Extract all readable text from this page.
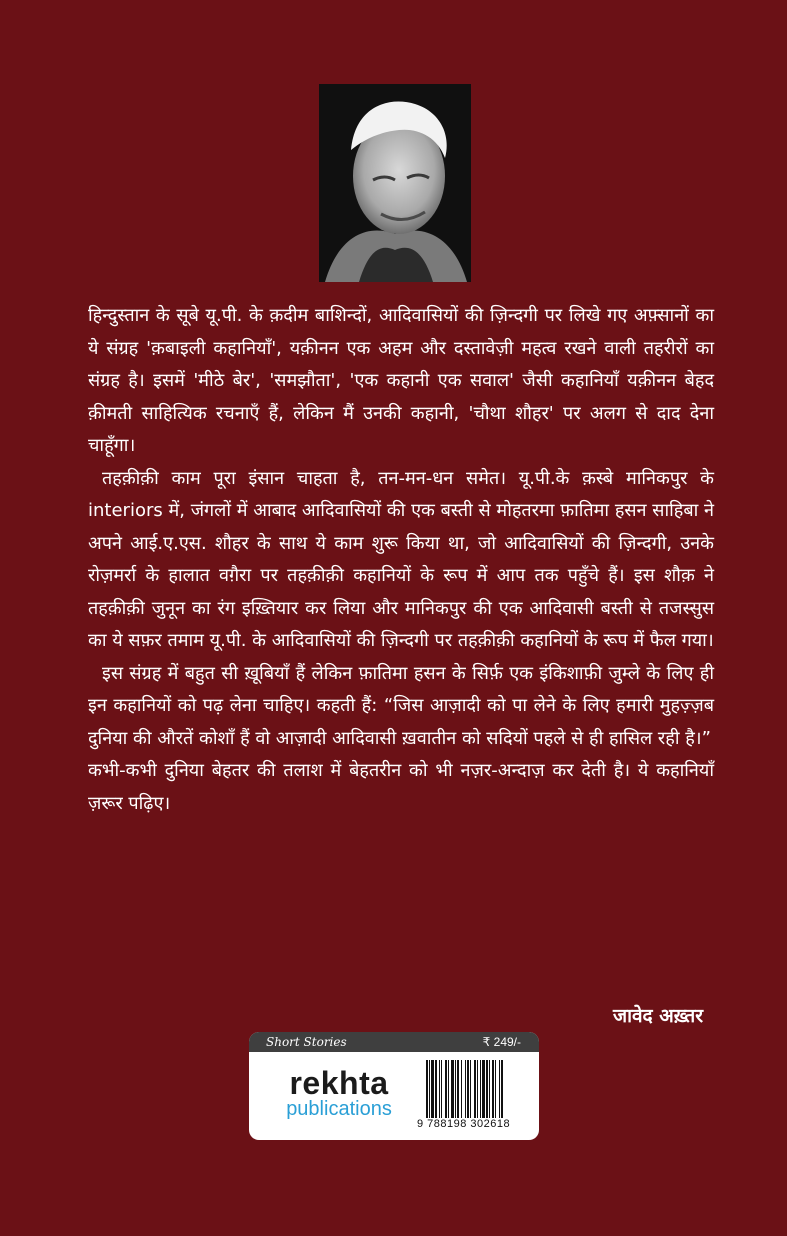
हिन्दुस्तान के सूबे यू.पी. के क़दीम बाशिन्दों, आदिवासियों की ज़िन्दगी पर लिखे गए अफ़्सानों का ये संग्रह 'क़बाइली कहानियाँ', यक़ीनन एक अहम और दस्तावेज़ी महत्व रखने वाली तहरीरों का संग्रह है। इसमें 'मीठे बेर', 'समझौता', 'एक कहानी एक सवाल' जैसी कहानियाँ यक़ीनन बेहद क़ीमती साहित्यिक रचनाएँ हैं, लेकिन मैं उनकी कहानी, 'चौथा शौहर' पर अलग से दाद देना चाहूँगा।

तहक़ीक़ी काम पूरा इंसान चाहता है, तन-मन-धन समेत। यू.पी.के क़स्बे मानिकपुर के interiors में, जंगलों में आबाद आदिवासियों की एक बस्ती से मोहतरमा फ़ातिमा हसन साहिबा ने अपने आई.ए.एस. शौहर के साथ ये काम शुरू किया था, जो आदिवासियों की ज़िन्दगी, उनके रोज़मर्रा के हालात वग़ैरा पर तहक़ीक़ी कहानियों के रूप में आप तक पहुँचे हैं। इस शौक़ ने तहक़ीक़ी जुनून का रंग इख़्तियार कर लिया और मानिकपुर की एक आदिवासी बस्ती से तजस्सुस का ये सफ़र तमाम यू.पी. के आदिवासियों की ज़िन्दगी पर तहक़ीक़ी कहानियों के रूप में फैल गया।

इस संग्रह में बहुत सी ख़ूबियाँ हैं लेकिन फ़ातिमा हसन के सिर्फ़ एक इंकिशाफ़ी जुम्ले के लिए ही इन कहानियों को पढ़ लेना चाहिए। कहती हैं: “जिस आज़ादी को पा लेने के लिए हमारी मुहज़्ज़ब दुनिया की औरतें कोशाँ हैं वो आज़ादी आदिवासी ख़वातीन को सदियों पहले से ही हासिल रही है।”

कभी-कभी दुनिया बेहतर की तलाश में बेहतरीन को भी नज़र-अन्दाज़ कर देती है। ये कहानियाँ ज़रूर पढ़िए।

जावेद अख़्तर
Short Stories	₹ 249/-
rekhta
publications
9 788198 302618
